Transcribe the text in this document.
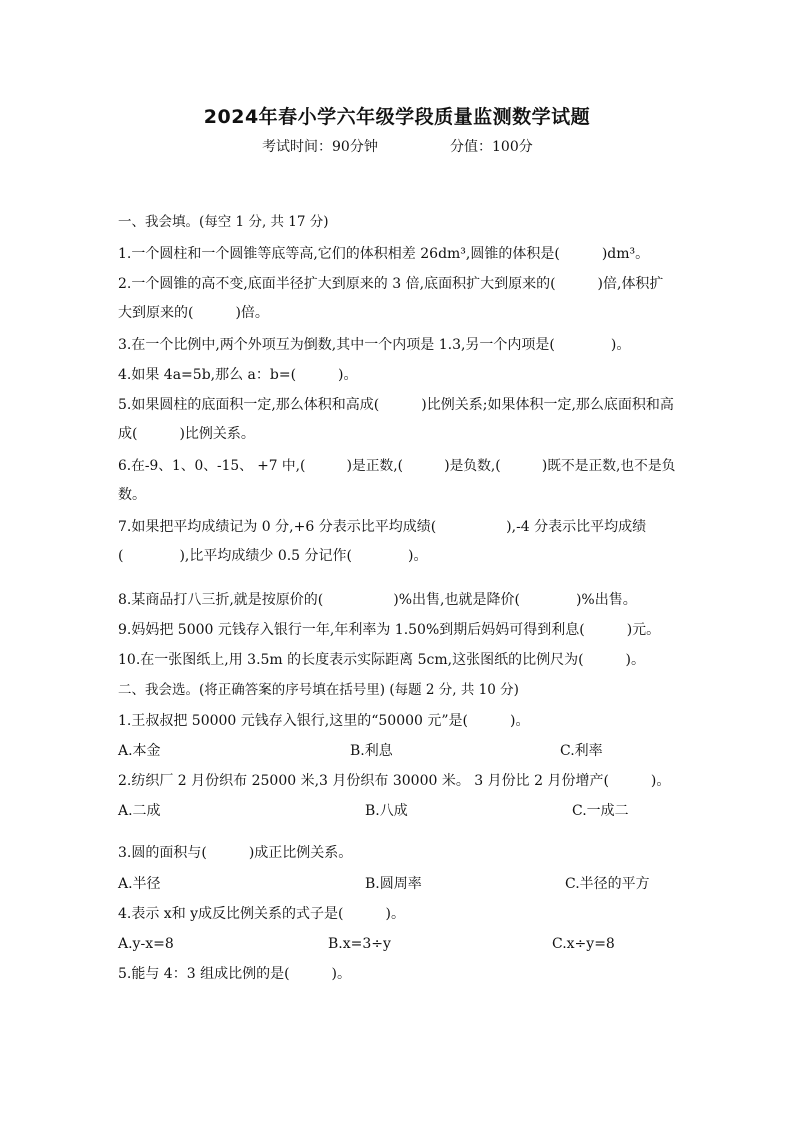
2024年春小学六年级学段质量监测数学试题
考试时间：90分钟	分值：100分
一、我会填。(每空 1 分, 共 17 分)
1.一个圆柱和一个圆锥等底等高,它们的体积相差 26dm³,圆锥的体积是(　　　)dm³。
2.一个圆锥的高不变,底面半径扩大到原来的 3 倍,底面积扩大到原来的(　　　)倍,体积扩
大到原来的(　　　)倍。
3.在一个比例中,两个外项互为倒数,其中一个内项是 1.3,另一个内项是(　　　　)。
4.如果 4a=5b,那么 a：b=(　　　)。
5.如果圆柱的底面积一定,那么体积和高成(　　　)比例关系;如果体积一定,那么底面积和高
成(　　　)比例关系。
6.在-9、1、0、-15、 +7 中,(　　　)是正数,(　　　)是负数,(　　　)既不是正数,也不是负
数。
7.如果把平均成绩记为 0 分,+6 分表示比平均成绩(　　　　　),-4 分表示比平均成绩
(　　　　),比平均成绩少 0.5 分记作(　　　　)。
8.某商品打八三折,就是按原价的(　　　　　)%出售,也就是降价(　　　　)%出售。
9.妈妈把 5000 元钱存入银行一年,年利率为 1.50%到期后妈妈可得到利息(　　　)元。
10.在一张图纸上,用 3.5m 的长度表示实际距离 5cm,这张图纸的比例尺为(　　　)。
二、我会选。(将正确答案的序号填在括号里) (每题 2 分, 共 10 分)
1.王叔叔把 50000 元钱存入银行,这里的“50000 元”是(　　　)。
A.本金	B.利息	C.利率
2.纺织厂 2 月份织布 25000 米,3 月份织布 30000 米。 3 月份比 2 月份增产(　　　)。
A.二成	B.八成	C.一成二
3.圆的面积与(　　　)成正比例关系。
A.半径	B.圆周率	C.半径的平方
4.表示 x和 y成反比例关系的式子是(　　　)。
A.y-x=8	B.x=3÷y	C.x÷y=8
5.能与 4：3 组成比例的是(　　　)。
